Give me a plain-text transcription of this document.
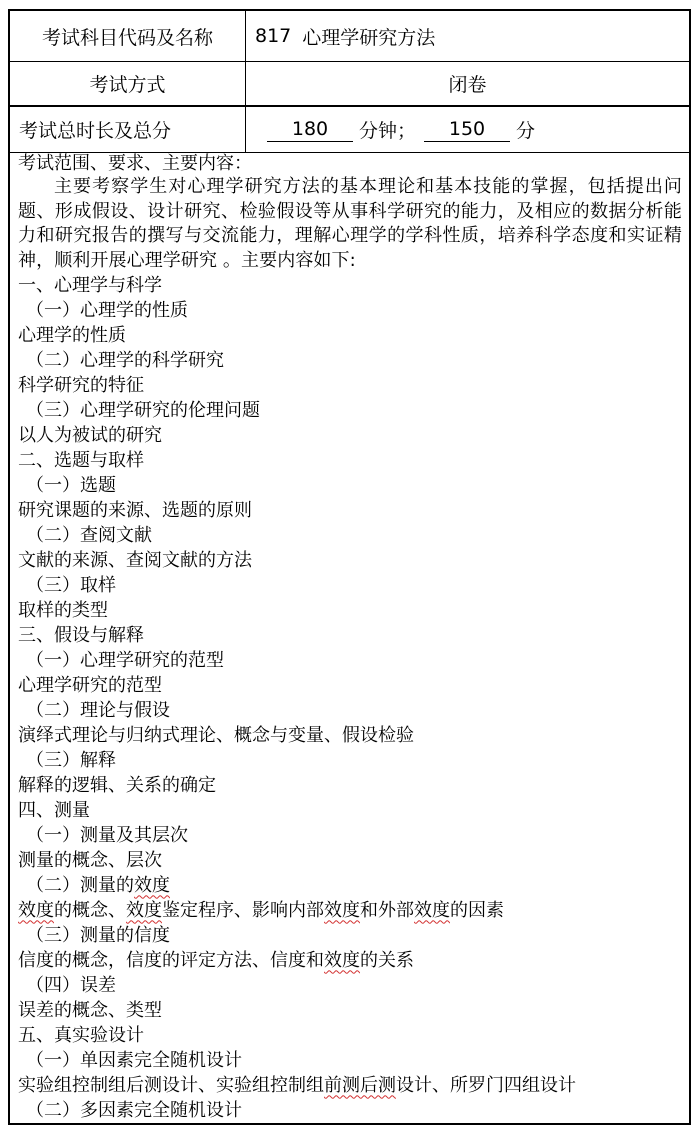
考试科目代码及名称	817 心理学研究方法
考试方式	闭卷
考试总时长及总分	180	分钟；	150	分

考试范围、要求、主要内容：

主要考察学生对心理学研究方法的基本理论和基本技能的掌握，包括提出问题、形成假设、设计研究、检验假设等从事科学研究的能力，及相应的数据分析能力和研究报告的撰写与交流能力，理解心理学的学科性质，培养科学态度和实证精神，顺利开展心理学研究 。主要内容如下:

一、心理学与科学
（一）心理学的性质
心理学的性质
（二）心理学的科学研究
科学研究的特征
（三）心理学研究的伦理问题
以人为被试的研究
二、选题与取样
（一）选题
研究课题的来源、选题的原则
（二）查阅文献
文献的来源、查阅文献的方法
（三）取样
取样的类型
三、假设与解释
（一）心理学研究的范型
心理学研究的范型
（二）理论与假设
演绎式理论与归纳式理论、概念与变量、假设检验
（三）解释
解释的逻辑、关系的确定
四、测量
（一）测量及其层次
测量的概念、层次
（二）测量的效度
效度的概念、效度鉴定程序、影响内部效度和外部效度的因素
（三）测量的信度
信度的概念，信度的评定方法、信度和效度的关系
（四）误差
误差的概念、类型
五、真实验设计
（一）单因素完全随机设计
实验组控制组后测设计、实验组控制组前测后测设计、所罗门四组设计
（二）多因素完全随机设计
